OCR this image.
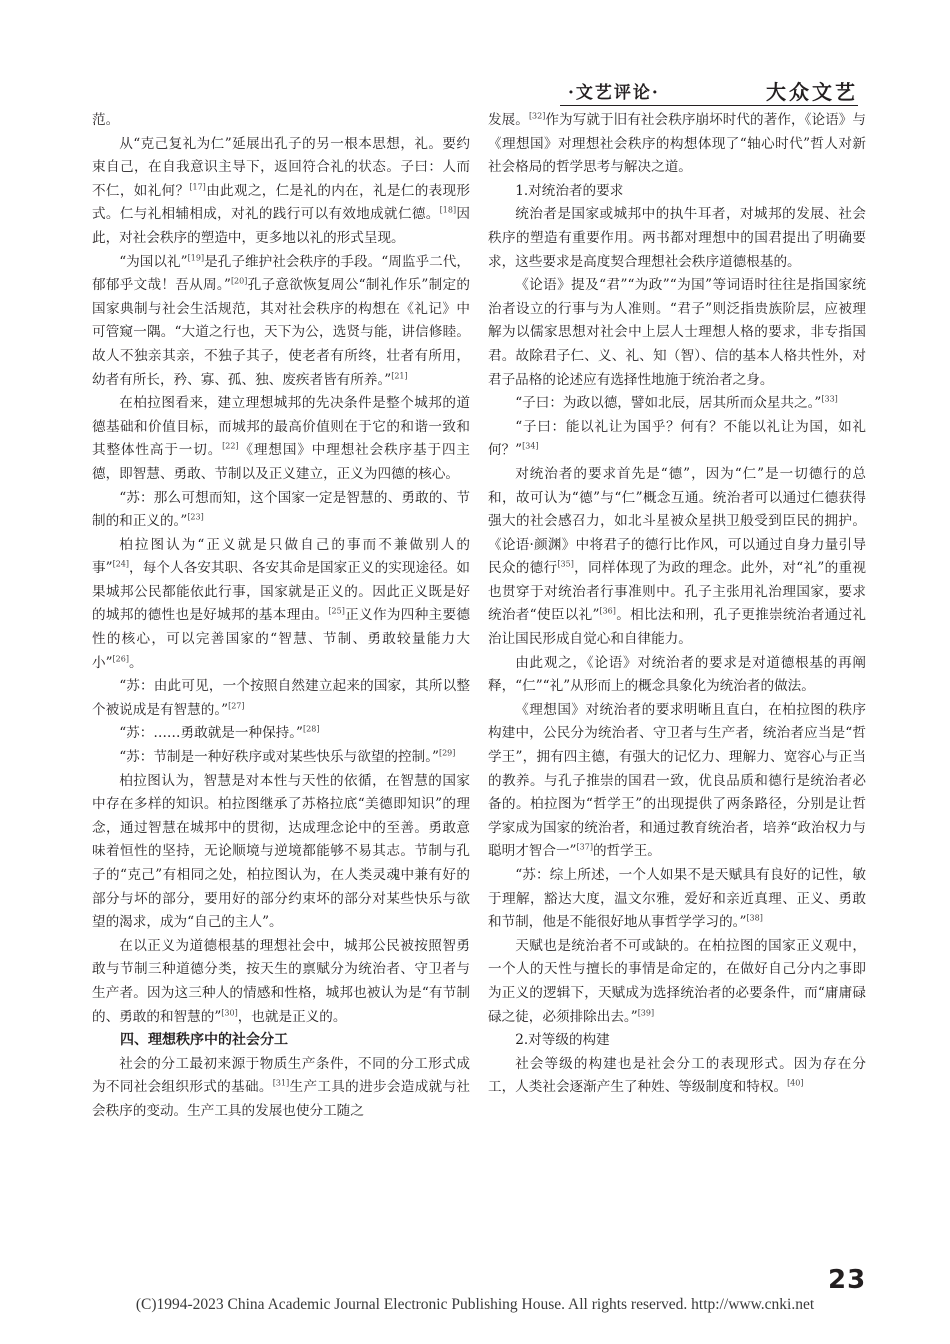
·文艺评论·	大众文艺

范。

从“克己复礼为仁”延展出孔子的另一根本思想，礼。要约束自己，在自我意识主导下，返回符合礼的状态。子曰：人而不仁，如礼何？[17]由此观之，仁是礼的内在，礼是仁的表现形式。仁与礼相辅相成，对礼的践行可以有效地成就仁德。[18]因此，对社会秩序的塑造中，更多地以礼的形式呈现。

“为国以礼”[19]是孔子维护社会秩序的手段。“周监乎二代，郁郁乎文哉！吾从周。”[20]孔子意欲恢复周公“制礼作乐”制定的国家典制与社会生活规范，其对社会秩序的构想在《礼记》中可管窥一隅。“大道之行也，天下为公，选贤与能，讲信修睦。故人不独亲其亲，不独子其子，使老者有所终，壮者有所用，幼者有所长，矜、寡、孤、独、废疾者皆有所养。”[21]

在柏拉图看来，建立理想城邦的先决条件是整个城邦的道德基础和价值目标，而城邦的最高价值则在于它的和谐一致和其整体性高于一切。[22]《理想国》中理想社会秩序基于四主德，即智慧、勇敢、节制以及正义建立，正义为四德的核心。

“苏：那么可想而知，这个国家一定是智慧的、勇敢的、节制的和正义的。”[23]

柏拉图认为“正义就是只做自己的事而不兼做别人的事”[24]，每个人各安其职、各安其命是国家正义的实现途径。如果城邦公民都能依此行事，国家就是正义的。因此正义既是好的城邦的德性也是好城邦的基本理由。[25]正义作为四种主要德性的核心，可以完善国家的“智慧、节制、勇敢较量能力大小”[26]。

“苏：由此可见，一个按照自然建立起来的国家，其所以整个被说成是有智慧的。”[27]

“苏：……勇敢就是一种保持。”[28]

“苏：节制是一种好秩序或对某些快乐与欲望的控制。”[29]

柏拉图认为，智慧是对本性与天性的依循，在智慧的国家中存在多样的知识。柏拉图继承了苏格拉底“美德即知识”的理念，通过智慧在城邦中的贯彻，达成理念论中的至善。勇敢意味着恒性的坚持，无论顺境与逆境都能够不易其志。节制与孔子的“克己”有相同之处，柏拉图认为，在人类灵魂中兼有好的部分与坏的部分，要用好的部分约束坏的部分对某些快乐与欲望的渴求，成为“自己的主人”。

在以正义为道德根基的理想社会中，城邦公民被按照智勇敢与节制三种道德分类，按天生的禀赋分为统治者、守卫者与生产者。因为这三种人的情感和性格，城邦也被认为是“有节制的、勇敢的和智慧的”[30]，也就是正义的。

四、理想秩序中的社会分工

社会的分工最初来源于物质生产条件，不同的分工形式成为不同社会组织形式的基础。[31]生产工具的进步会造成就与社会秩序的变动。生产工具的发展也使分工随之

发展。[32]作为写就于旧有社会秩序崩坏时代的著作，《论语》与《理想国》对理想社会秩序的构想体现了“轴心时代”哲人对新社会格局的哲学思考与解决之道。

1.对统治者的要求

统治者是国家或城邦中的执牛耳者，对城邦的发展、社会秩序的塑造有重要作用。两书都对理想中的国君提出了明确要求，这些要求是高度契合理想社会秩序道德根基的。

《论语》提及“君”“为政”“为国”等词语时往往是指国家统治者设立的行事与为人准则。“君子”则泛指贵族阶层，应被理解为以儒家思想对社会中上层人士理想人格的要求，非专指国君。故除君子仁、义、礼、知（智）、信的基本人格共性外，对君子品格的论述应有选择性地施于统治者之身。

“子曰：为政以德，譬如北辰，居其所而众星共之。”[33]

“子曰：能以礼让为国乎？何有？不能以礼让为国，如礼何？”[34]

对统治者的要求首先是“德”，因为“仁”是一切德行的总和，故可认为“德”与“仁”概念互通。统治者可以通过仁德获得强大的社会感召力，如北斗星被众星拱卫般受到臣民的拥护。《论语·颜渊》中将君子的德行比作风，可以通过自身力量引导民众的德行[35]，同样体现了为政的理念。此外，对“礼”的重视也贯穿于对统治者行事准则中。孔子主张用礼治理国家，要求统治者“使臣以礼”[36]。相比法和刑，孔子更推崇统治者通过礼治让国民形成自觉心和自律能力。

由此观之，《论语》对统治者的要求是对道德根基的再阐释，“仁”“礼”从形而上的概念具象化为统治者的做法。

《理想国》对统治者的要求明晰且直白，在柏拉图的秩序构建中，公民分为统治者、守卫者与生产者，统治者应当是“哲学王”，拥有四主德，有强大的记忆力、理解力、宽容心与正当的教养。与孔子推崇的国君一致，优良品质和德行是统治者必备的。柏拉图为“哲学王”的出现提供了两条路径，分别是让哲学家成为国家的统治者，和通过教育统治者，培养“政治权力与聪明才智合一”[37]的哲学王。

“苏：综上所述，一个人如果不是天赋具有良好的记性，敏于理解，豁达大度，温文尔雅，爱好和亲近真理、正义、勇敢和节制，他是不能很好地从事哲学学习的。”[38]

天赋也是统治者不可或缺的。在柏拉图的国家正义观中，一个人的天性与擅长的事情是命定的，在做好自己分内之事即为正义的逻辑下，天赋成为选择统治者的必要条件，而“庸庸碌碌之徒，必须排除出去。”[39]

2.对等级的构建

社会等级的构建也是社会分工的表现形式。因为存在分工，人类社会逐渐产生了种姓、等级制度和特权。[40]

23
(C)1994-2023 China Academic Journal Electronic Publishing House. All rights reserved. http://www.cnki.net
